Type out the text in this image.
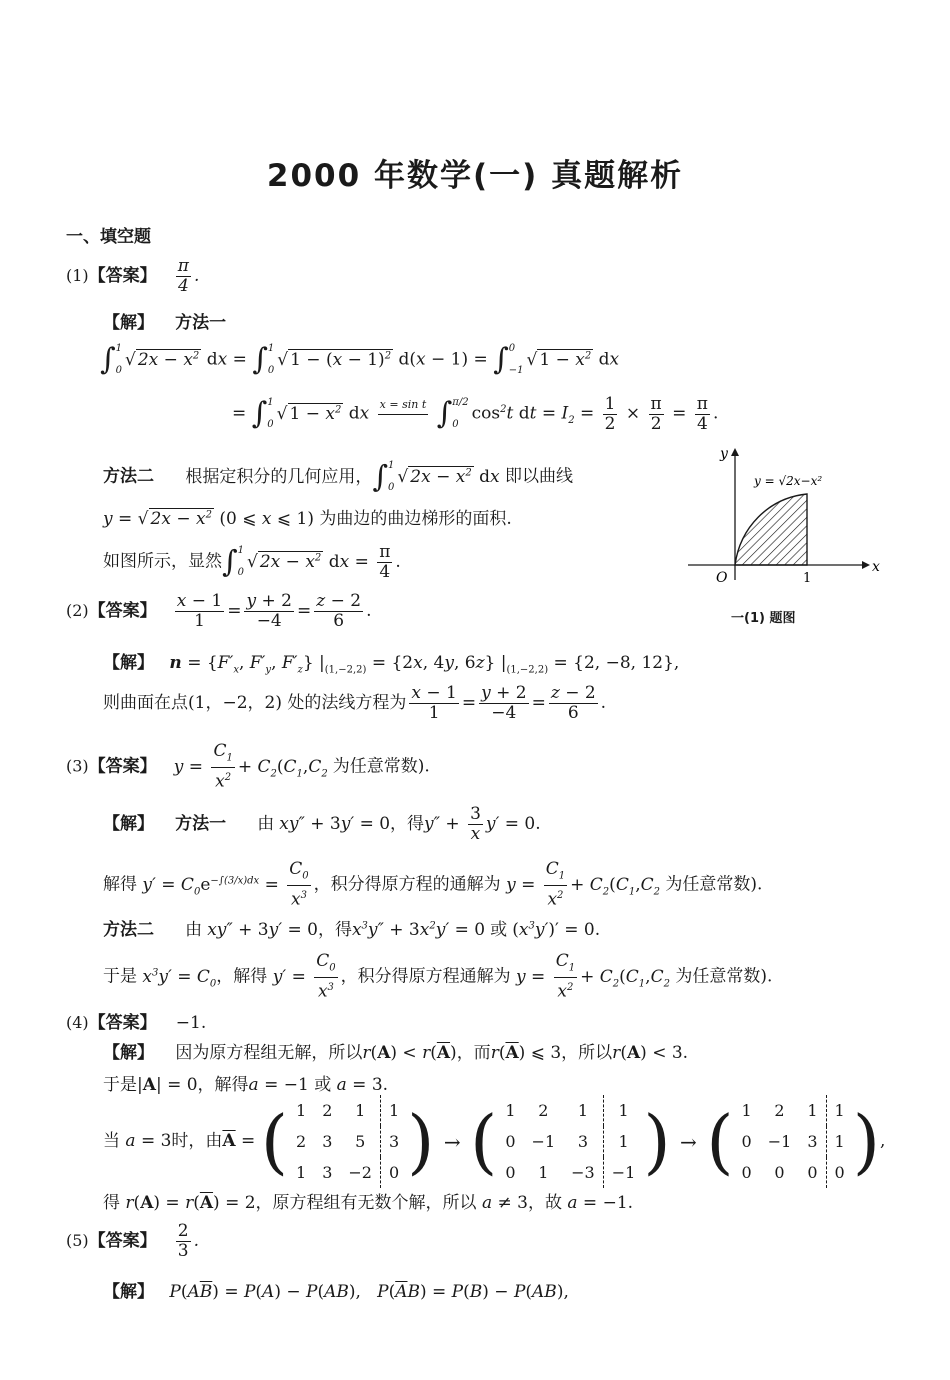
2000 年数学(一) 真题解析
一、填空题
(1)【答案】 $\frac{\pi}{4}$ .
【解】 方法一
∫ 1
0
√ $2x - x^2$ dx = ∫ 1
0
√ $1 - (x - 1)^2$ d(x − 1) = ∫ 0
−1
√ $1 - x^2$ dx
= ∫ 1
0
√ $1 - x^2$ dx x = sin t
∫ π/2
0
$\cos^2t$ dt = $I_2 = \frac{1}{2} \times \frac{\pi}{2} = \frac{\pi}{4}$ .
方法二 根据定积分的几何应用，∫ 1
0
√ $2x - x^2$ dx 即以曲线
y = √ $2x - x^2$ (0 ⩽ x ⩽ 1) 为曲边的曲边梯形的面积.
如图所示，显然∫ 1
0
√ $2x - x^2$ dx = $\frac{\pi}{4}$ .	x
y
O	1
y = √2x−x²
一(1) 题图
(2)【答案】 $\frac{x - 1}{1} = \frac{y + 2}{-4} = \frac{z - 2}{6}$ .
【解】 $n = \{F'_x$, $F'_y$, $F'_z$} $|_{(1,-2,2)} = \{2x$, 4y, 6z} $|_{(1,-2,2)} = \{2$, −8, 12},
则曲面在点(1，−2，2) 处的法线方程为 $\frac{x - 1}{1} = \frac{y + 2}{-4} = \frac{z - 2}{6}$ .
(3)【答案】 $y = \frac{C_1}{x^2} + C_2(C_1,C_2$ 为任意常数).
【解】 方法一 由 xy″ + 3y′ = 0，得$y'' + \frac{3}{x} y' = 0$.
解得 $y' = C_0e^{-\int(3/x)dx} = \frac{C_0}{x^3}$ ，积分得原方程的通解为 $y = \frac{C_1}{x^2} + C_2(C_1,C_2$ 为任意常数).
方法二 由 xy″ + 3y′ = 0，得$x^3y'' + 3x^2y' = 0$ 或 $(x^3y')' = 0$.
于是 $x^3y' = C_0$，解得 $y' = \frac{C_0}{x^3}$ ，积分得原方程通解为 $y = \frac{C_1}{x^2} + C_2(C_1,C_2$ 为任意常数).
(4)【答案】 −1.
【解】 因为原方程组无解，所以$r(A) < r(\overline{A})$，而$r(\overline{A})$ ⩽ 3，所以r(A) < 3.
于是|A| = 0，解得a = −1 或 a = 3.
当 a = 3时，由$\overline{A}$ = ( 1	2	1	1
2	3	5	3
1	3	−2	0 ) → ( 1	2	1	1
0	−1	3	1
0	1	−3	−1 ) → ( 1	2	1	1
0	−1	3	1
0	0	0	0 ),
得 $r(A) = r(\overline{A}) = 2$，原方程组有无数个解，所以 a ≠ 3，故 a = −1.
(5)【答案】 $\frac{2}{3}$ .
【解】 $P(A\overline{B}) = P(A) - P(AB)$,   $P(\overline{A}B) = P(B) - P(AB)$,
